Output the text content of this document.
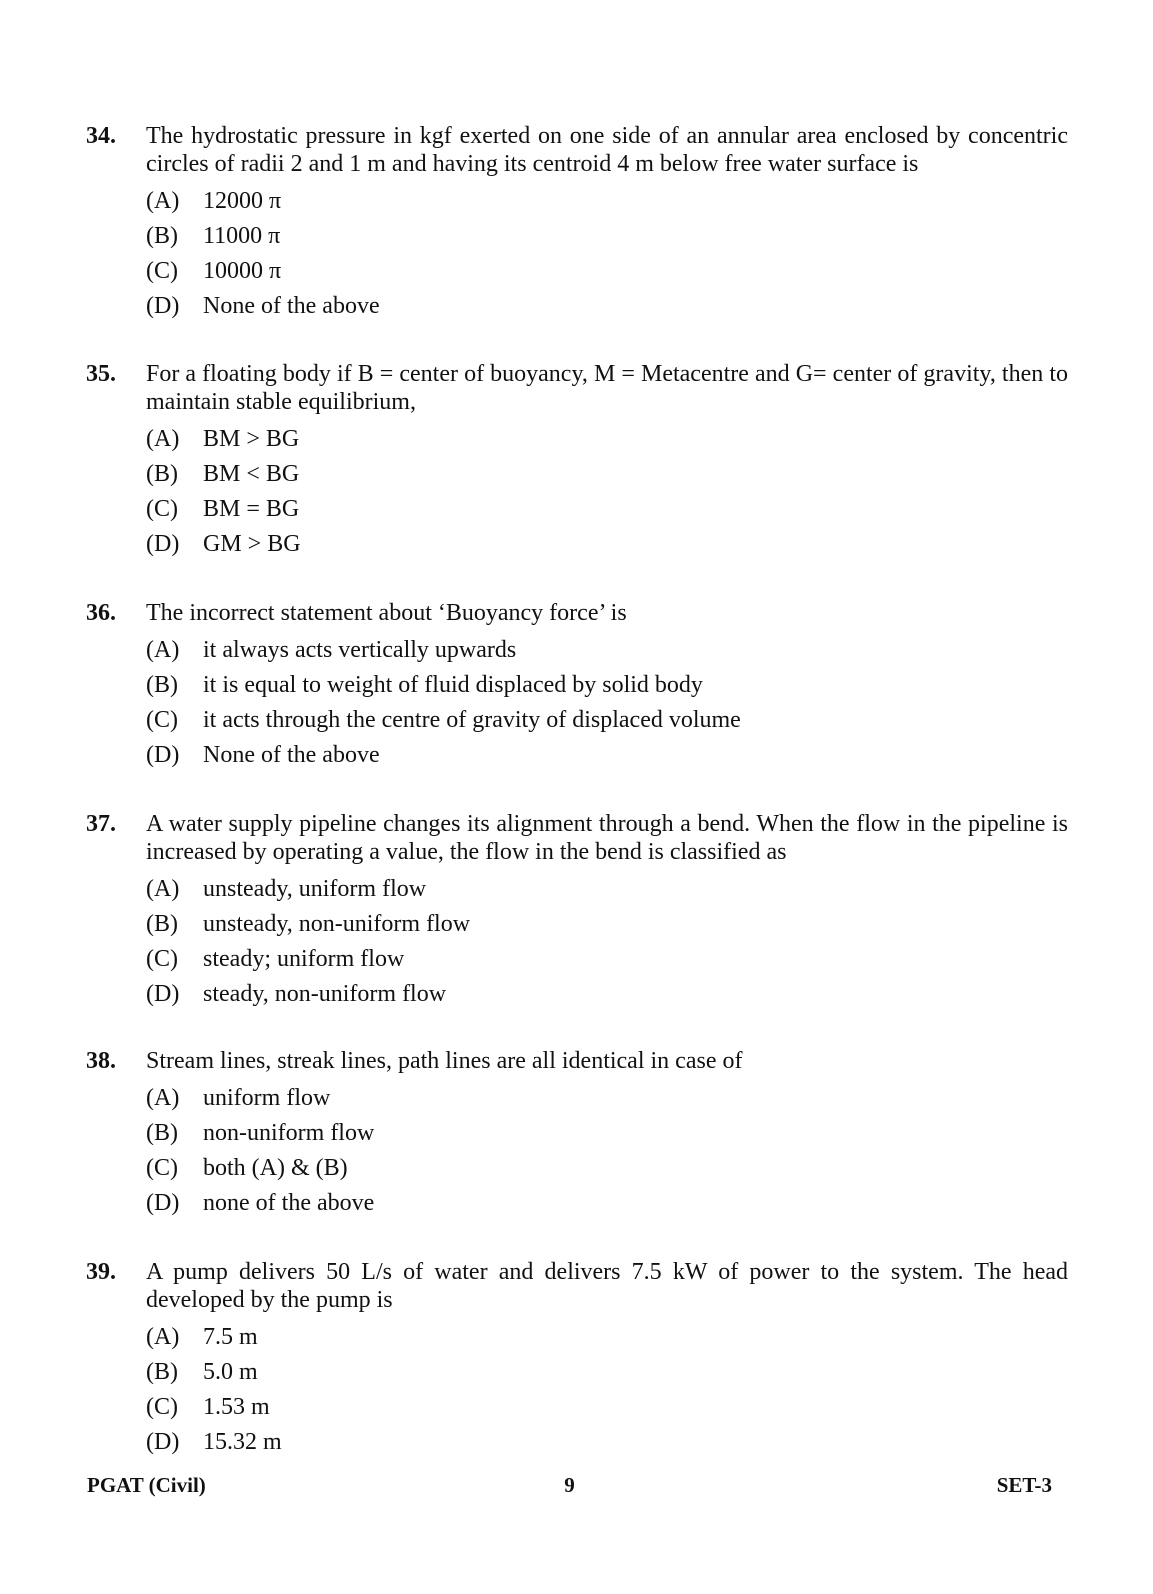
34.	The hydrostatic pressure in kgf exerted on one side of an annular area enclosed by concentric circles of radii 2 and 1 m and having its centroid 4 m below free water surface is
(A) 12000 π
(B)	11000 π
(C)	10000 π
(D) None of the above
35.	For a floating body if B = center of buoyancy, M = Metacentre and G= center of gravity, then to maintain stable equilibrium,
(A) BM > BG
(B)	BM < BG
(C)	BM = BG
(D) GM > BG
36.	The incorrect statement about ‘Buoyancy force’ is
(A) it always acts vertically upwards
(B)	it is equal to weight of fluid displaced by solid body
(C)	it acts through the centre of gravity of displaced volume
(D) None of the above
37.	A water supply pipeline changes its alignment through a bend. When the flow in the pipeline is increased by operating a value, the flow in the bend is classified as
(A) unsteady, uniform flow
(B)	unsteady, non-uniform flow
(C)	steady; uniform flow
(D) steady, non-uniform flow
38.	Stream lines, streak lines, path lines are all identical in case of
(A) uniform flow
(B)	non-uniform flow
(C)	both (A) & (B)
(D) none of the above
39.	A pump delivers 50 L/s of water and delivers 7.5 kW of power to the system. The head developed by the pump is
(A) 7.5 m
(B)	5.0 m
(C)	1.53 m
(D) 15.32 m
PGAT (Civil)	9	SET-3
